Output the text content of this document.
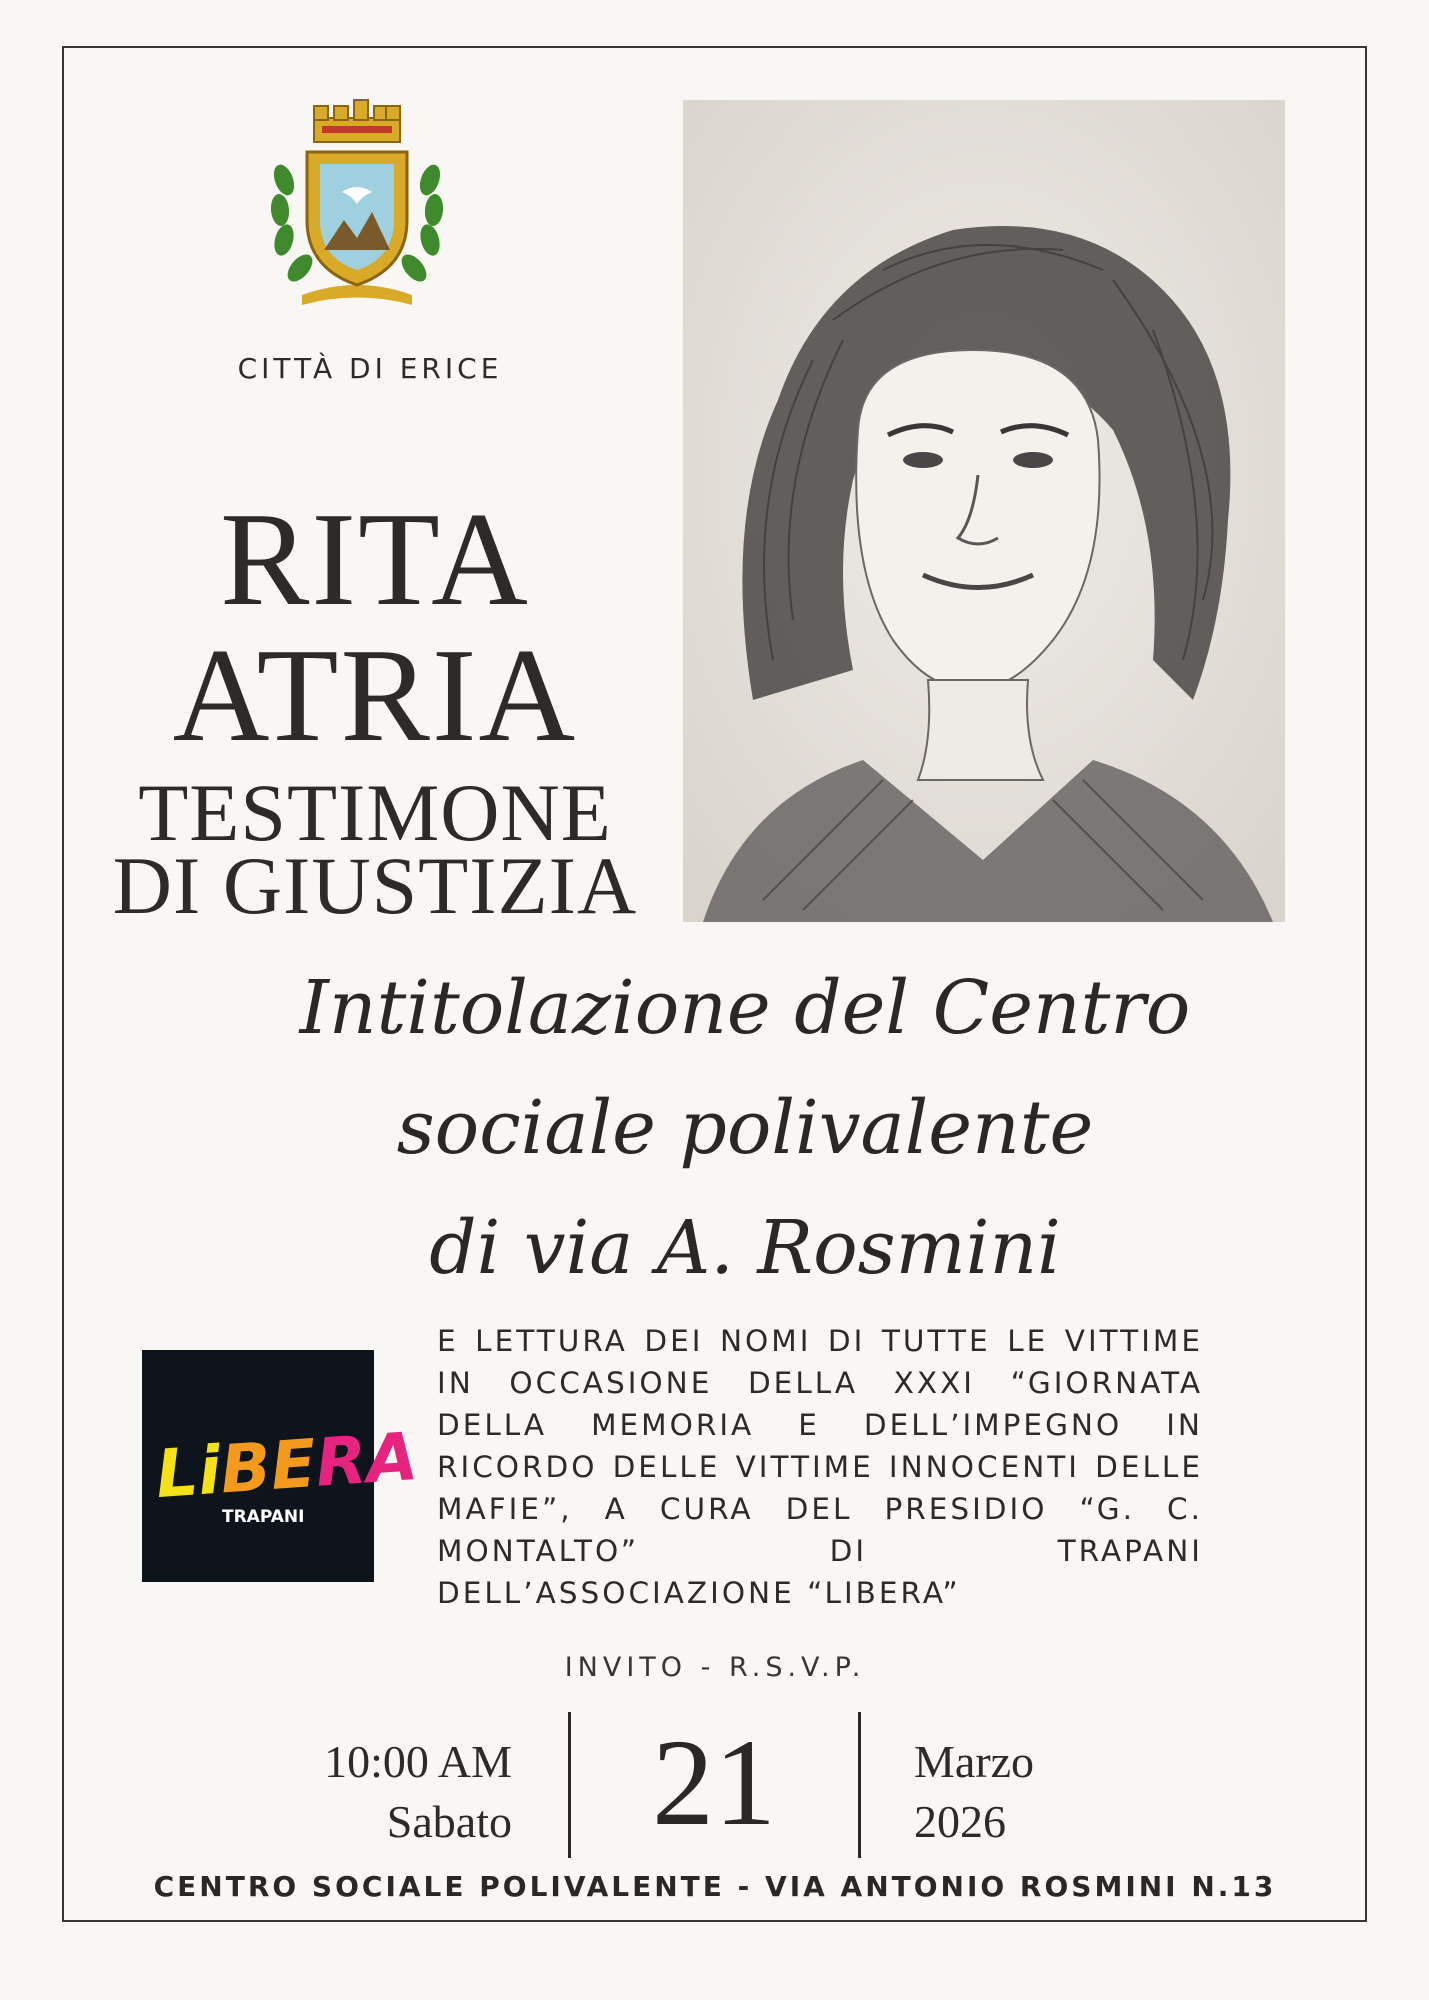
CITTÀ DI ERICE
RITA
ATRIA
TESTIMONE
DI GIUSTIZIA
Intitolazione del Centro
sociale polivalente
di via A. Rosmini
LiBERA
TRAPANI
E LETTURA DEI NOMI DI TUTTE LE VITTIME IN OCCASIONE DELLA XXXI “GIORNATA DELLA MEMORIA E DELL’IMPEGNO IN RICORDO DELLE VITTIME INNOCENTI DELLE MAFIE”, A CURA DEL PRESIDIO “G. C. MONTALTO” DI TRAPANI DELL’ASSOCIAZIONE “LIBERA”
INVITO - R.S.V.P.
10:00 AM
Sabato	21	Marzo
2026
CENTRO SOCIALE POLIVALENTE - VIA ANTONIO ROSMINI N.13
